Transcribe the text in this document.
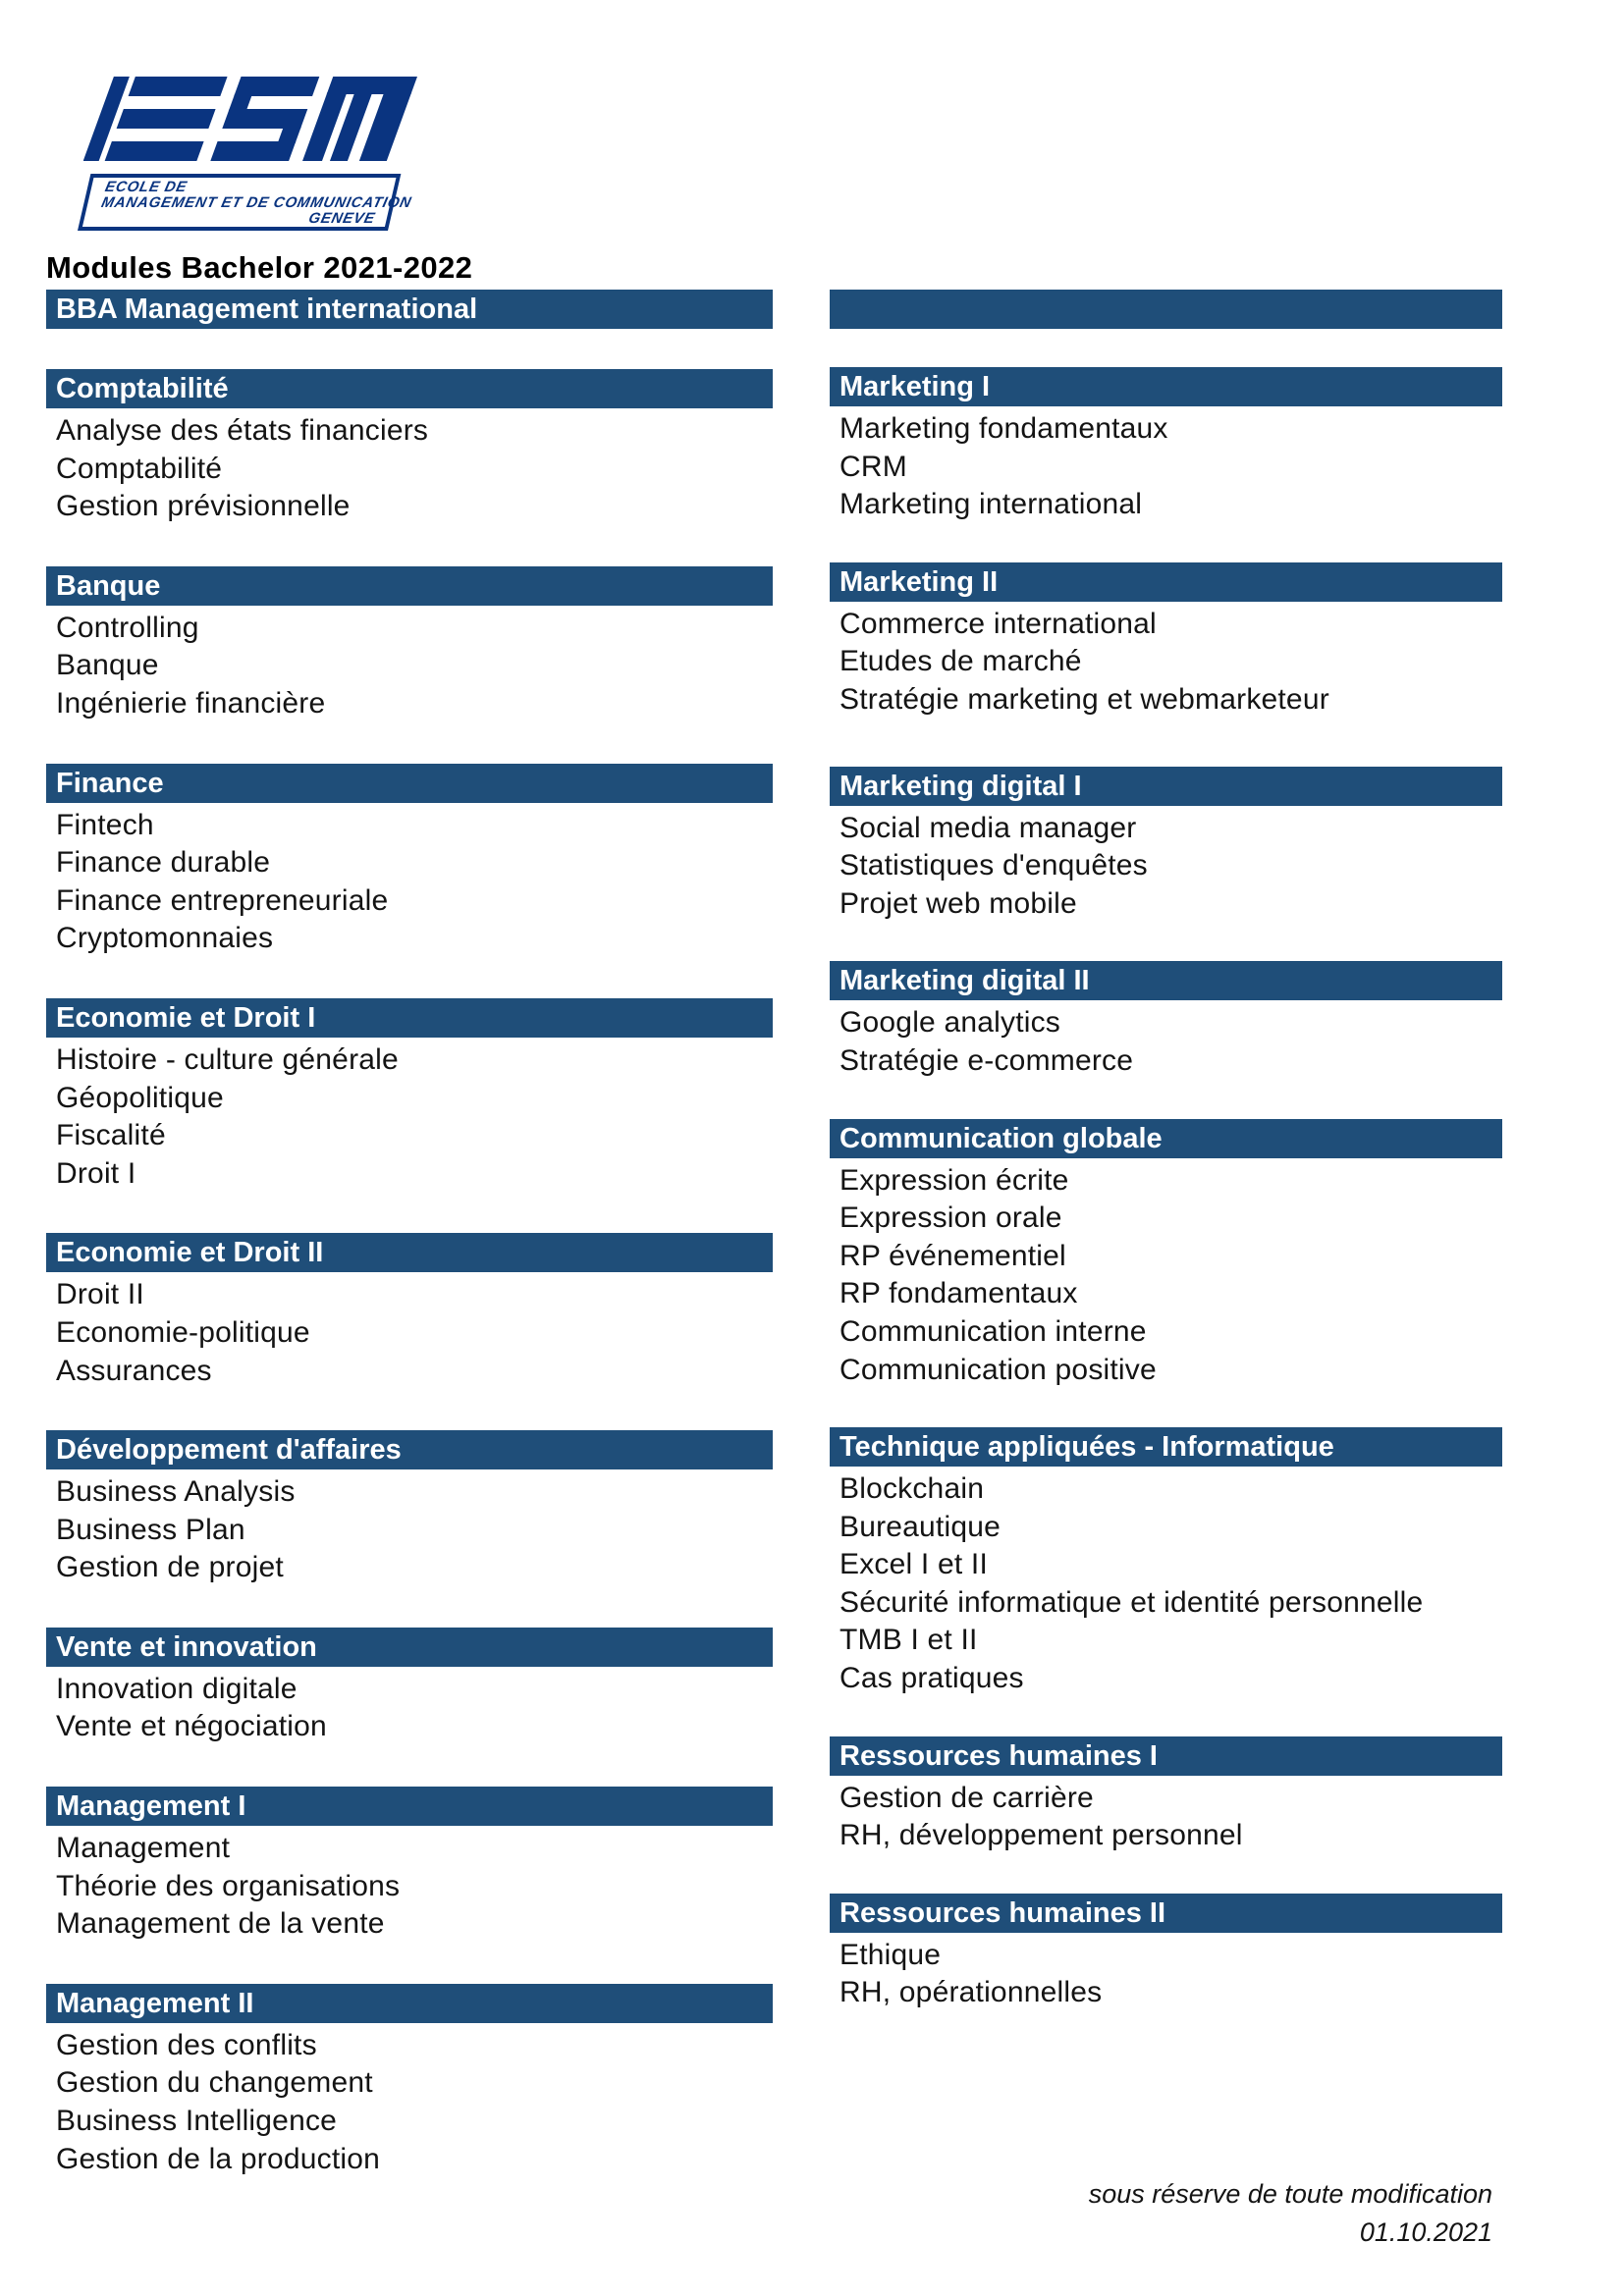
ECOLE DE
MANAGEMENT ET DE COMMUNICATION
GENEVE
Modules Bachelor 2021-2022
BBA Management international
Comptabilité
Analyse des états financiers
Comptabilité
Gestion prévisionnelle
Banque
Controlling
Banque
Ingénierie financière
Finance
Fintech
Finance durable
Finance entrepreneuriale
Cryptomonnaies
Economie et Droit I
Histoire - culture générale
Géopolitique
Fiscalité
Droit I
Economie et Droit II
Droit II
Economie-politique
Assurances
Développement d'affaires
Business Analysis
Business Plan
Gestion de projet
Vente et innovation
Innovation digitale
Vente et négociation
Management I
Management
Théorie des organisations
Management de la vente
Management II
Gestion des conflits
Gestion du changement
Business Intelligence
Gestion de la production
Marketing I
Marketing fondamentaux
CRM
Marketing international
Marketing II
Commerce international
Etudes de marché
Stratégie marketing et webmarketeur
Marketing digital I
Social media manager
Statistiques d'enquêtes
Projet web mobile
Marketing digital II
Google analytics
Stratégie e-commerce
Communication globale
Expression écrite
Expression orale
RP événementiel
RP fondamentaux
Communication interne
Communication positive
Technique appliquées - Informatique
Blockchain
Bureautique
Excel I et II
Sécurité informatique et identité personnelle
TMB I et II
Cas pratiques
Ressources humaines I
Gestion de carrière
RH, développement personnel
Ressources humaines II
Ethique
RH, opérationnelles
sous réserve de toute modification
01.10.2021
